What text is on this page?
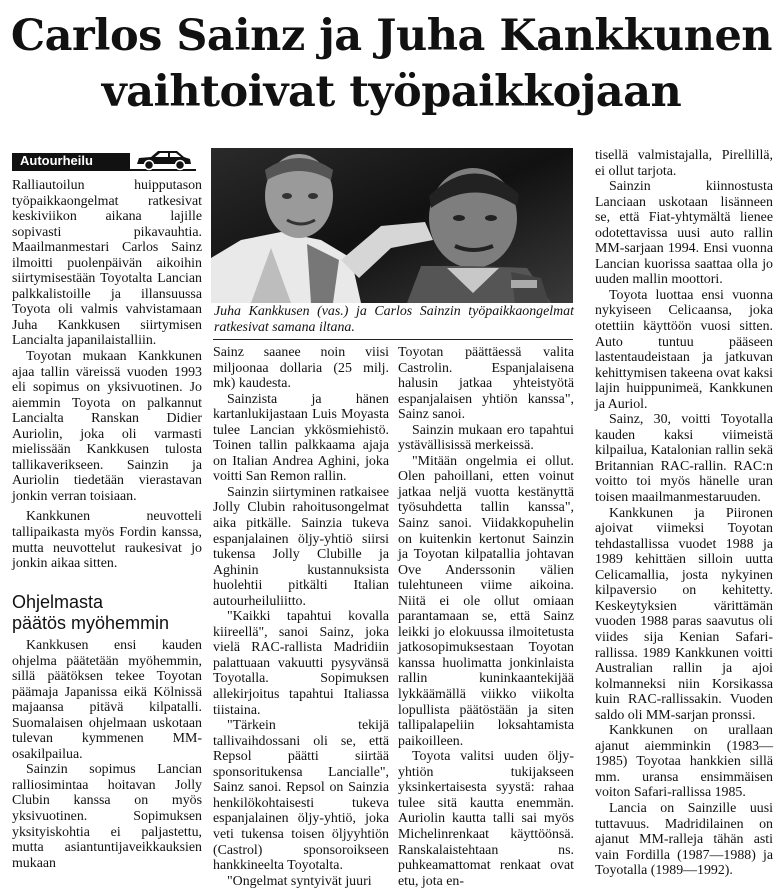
Carlos Sainz ja Juha Kankkunen
vaihtoivat työpaikkojaan
Autourheilu

Ralliautoilun huipputason työpaikkaongelmat ratkesivat keskiviikon aikana lajille sopivasti pikavauhtia. Maailmanmestari Carlos Sainz ilmoitti puolenpäivän aikoihin siirtymisestään Toyotalta Lancian palkkalistoille ja illansuussa Toyota oli valmis vahvistamaan Juha Kankkusen siirtymisen Lancialta japanilaistalliin.

Toyotan mukaan Kankkunen ajaa tallin väreissä vuoden 1993 eli sopimus on yksivuotinen. Jo aiemmin Toyota on palkannut Lancialta Ranskan Didier Auriolin, joka oli varmasti mielissään Kankkusen tulosta tallikaverikseen. Sainzin ja Auriolin tiedetään vierastavan jonkin verran toisiaan.

Kankkunen neuvotteli tallipaikasta myös Fordin kanssa, mutta neuvottelut raukesivat jo jonkin aikaa sitten.

Ohjelmasta
päätös myöhemmin

Kankkusen ensi kauden ohjelma päätetään myöhemmin, sillä päätöksen tekee Toyotan päämaja Japanissa eikä Kölnissä majaansa pitävä kilpatalli. Suomalaisen ohjelmaan uskotaan tulevan kymmenen MM-osakilpailua.

Sainzin sopimus Lancian ralliosimintaa hoitavan Jolly Clubin kanssa on myös yksivuotinen. Sopimuksen yksityiskohtia ei paljastettu, mutta asiantuntijaveikkauksien mukaan

Juha Kankkusen (vas.) ja Carlos Sainzin työpaikkaongelmat ratkesivat samana iltana.

Sainz saanee noin viisi miljoonaa dollaria (25 milj. mk) kaudesta.

Sainzista ja hänen kartanlukijastaan Luis Moyasta tulee Lancian ykkösmiehistö. Toinen tallin palkkaama ajaja on Italian Andrea Aghini, joka voitti San Remon rallin.

Sainzin siirtyminen ratkaisee Jolly Clubin rahoitusongelmat aika pitkälle. Sainzia tukeva espanjalainen öljy-yhtiö siirsi tukensa Jolly Clubille ja Aghinin kustannuksista huolehtii pitkälti Italian autourheiluliitto.

"Kaikki tapahtui kovalla kiireellä", sanoi Sainz, joka vielä RAC-rallista Madridiin palattuaan vakuutti pysyvänsä Toyotalla. Sopimuksen allekirjoitus tapahtui Italiassa tiistaina.

"Tärkein tekijä tallivaihdossani oli se, että Repsol päätti siirtää sponsoritukensa Lancialle", Sainz sanoi. Repsol on Sainzia henkilökohtaisesti tukeva espanjalainen öljy-yhtiö, joka veti tukensa toisen öljyyhtiön (Castrol) sponsoroikseen hankkineelta Toyotalta.

"Ongelmat syntyivät juuri

Toyotan päättäessä valita Castrolin. Espanjalaisena halusin jatkaa yhteistyötä espanjalaisen yhtiön kanssa", Sainz sanoi.

Sainzin mukaan ero tapahtui ystävällisissä merkeissä.

"Mitään ongelmia ei ollut. Olen pahoillani, etten voinut jatkaa neljä vuotta kestänyttä työsuhdetta tallin kanssa", Sainz sanoi. Viidakkopuhelin on kuitenkin kertonut Sainzin ja Toyotan kilpatallia johtavan Ove Anderssonin välien tulehtuneen viime aikoina. Niitä ei ole ollut omiaan parantamaan se, että Sainz leikki jo elokuussa ilmoitetusta jatkosopimuksestaan Toyotan kanssa huolimatta jonkinlaista rallin kuninkaantekijää lykkäämällä viikko viikolta lopullista päätöstään ja siten tallipalapeliin loksahtamista paikoilleen.

Toyota valitsi uuden öljy-yhtiön tukijakseen yksinkertaisesta syystä: rahaa tulee sitä kautta enemmän. Auriolin kautta talli sai myös Michelinrenkaat käyttöönsä. Ranskalaistehtaan ns. puhkeamattomat renkaat ovat etu, jota en-

tisellä valmistajalla, Pirellillä, ei ollut tarjota.

Sainzin kiinnostusta Lanciaan uskotaan lisänneen se, että Fiat-yhtymältä lienee odotettavissa uusi auto rallin MM-sarjaan 1994. Ensi vuonna Lancian kuorissa saattaa olla jo uuden mallin moottori.

Toyota luottaa ensi vuonna nykyiseen Celicaansa, joka otettiin käyttöön vuosi sitten. Auto tuntuu pääseen lastentaudeistaan ja jatkuvan kehittymisen takeena ovat kaksi lajin huippunimeä, Kankkunen ja Auriol.

Sainz, 30, voitti Toyotalla kauden kaksi viimeistä kilpailua, Katalonian rallin sekä Britannian RAC-rallin. RAC:n voitto toi myös hänelle uran toisen maailmanmestaruuden.

Kankkunen ja Piironen ajoivat viimeksi Toyotan tehdastallissa vuodet 1988 ja 1989 kehittäen silloin uutta Celicamallia, josta nykyinen kilpaversio on kehitetty. Keskeytyksien värittämän vuoden 1988 paras saavutus oli viides sija Kenian Safari-rallissa. 1989 Kankkunen voitti Australian rallin ja ajoi kolmanneksi niin Korsikassa kuin RAC-rallissakin. Vuoden saldo oli MM-sarjan pronssi.

Kankkunen on urallaan ajanut aiemminkin (1983—1985) Toyotaa hankkien sillä mm. uransa ensimmäisen voiton Safari-rallissa 1985.

Lancia on Sainzille uusi tuttavuus. Madridilainen on ajanut MM-ralleja tähän asti vain Fordilla (1987—1988) ja Toyotalla (1989—1992).
